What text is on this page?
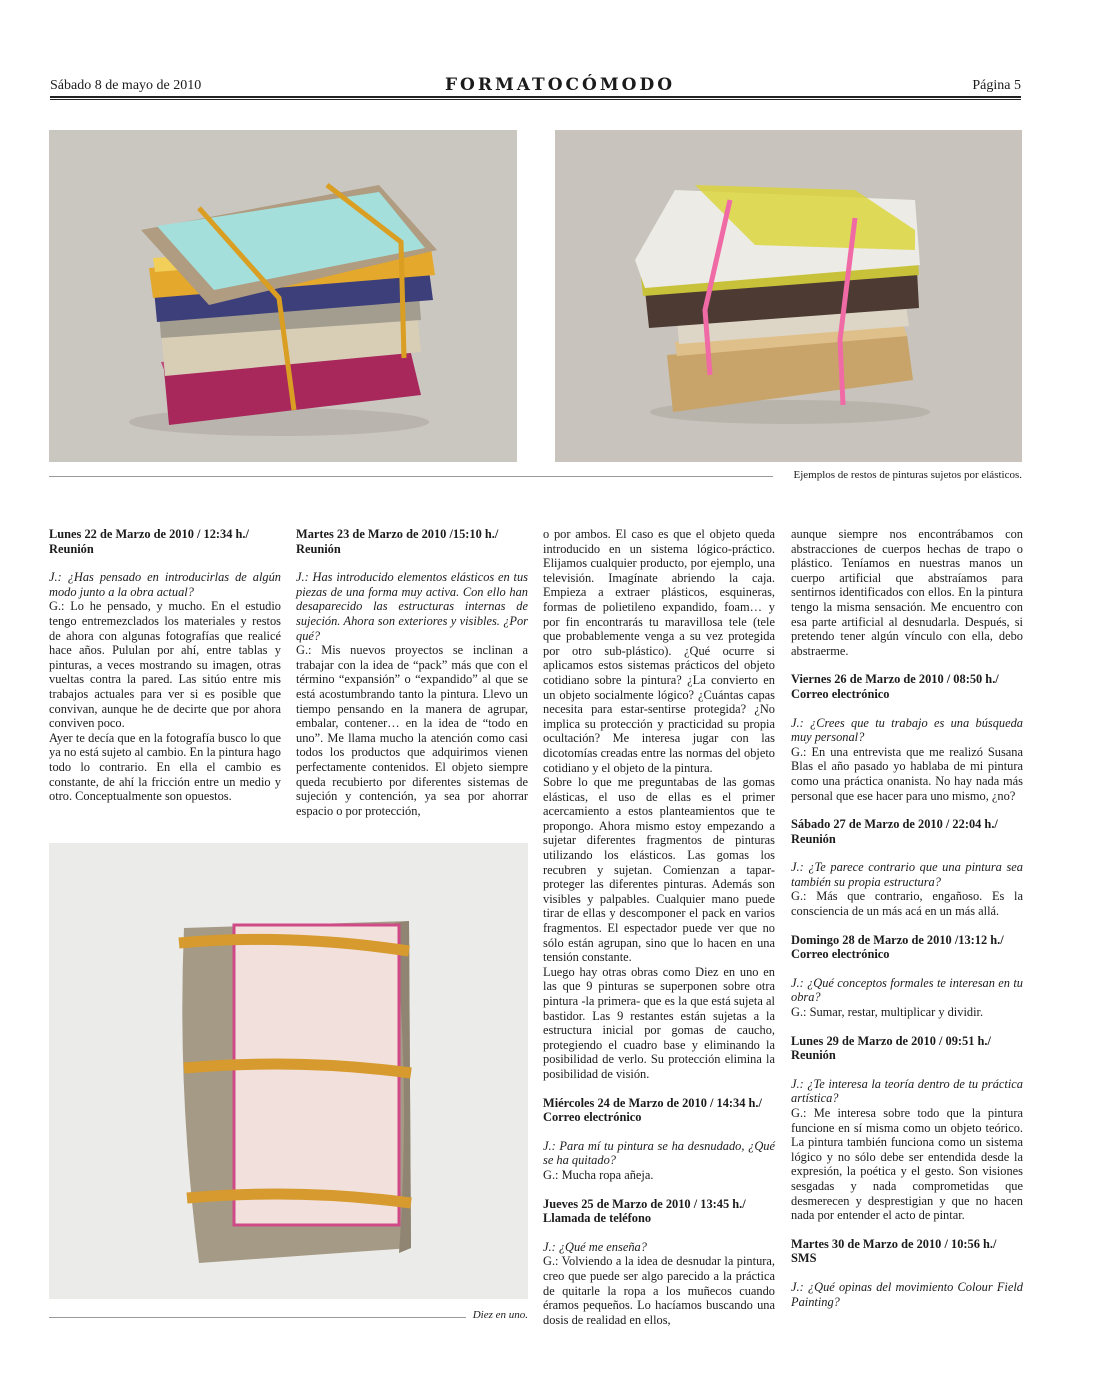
Sábado 8 de mayo de 2010	FORMATOCÓMODO	Página 5
Ejemplos de restos de pinturas sujetos por elásticos.
Diez en uno.

Lunes 22 de Marzo de 2010 / 12:34 h./

Reunión

J.: ¿Has pensado en introducirlas de algún modo junto a la obra actual?

G.: Lo he pensado, y mucho. En el estudio tengo entremezclados los materiales y restos de ahora con algunas fotografías que realicé hace años. Pululan por ahí, entre tablas y pinturas, a veces mostrando su imagen, otras vueltas contra la pared. Las sitúo entre mis trabajos actuales para ver si es posible que convivan, aunque he de decirte que por ahora conviven poco.

Ayer te decía que en la fotografía busco lo que ya no está sujeto al cambio. En la pintura hago todo lo contrario. En ella el cambio es constante, de ahí la fricción entre un medio y otro. Conceptualmente son opuestos.

Martes 23 de Marzo de 2010 /15:10 h./

Reunión

J.: Has introducido elementos elásticos en tus piezas de una forma muy activa. Con ello han desaparecido las estructuras internas de sujeción. Ahora son exteriores y visibles. ¿Por qué?

G.: Mis nuevos proyectos se inclinan a trabajar con la idea de “pack” más que con el término “expansión” o “expandido” al que se está acostumbrando tanto la pintura. Llevo un tiempo pensando en la manera de agrupar, embalar, contener… en la idea de “todo en uno”. Me llama mucho la atención como casi todos los productos que adquirimos vienen perfectamente contenidos. El objeto siempre queda recubierto por diferentes sistemas de sujeción y contención, ya sea por ahorrar espacio o por protección,

o por ambos. El caso es que el objeto queda introducido en un sistema lógico-práctico. Elijamos cualquier producto, por ejemplo, una televisión. Imagínate abriendo la caja. Empieza a extraer plásticos, esquineras, formas de polietileno expandido, foam… y por fin encontrarás tu maravillosa tele (tele que probablemente venga a su vez protegida por otro sub-plástico). ¿Qué ocurre si aplicamos estos sistemas prácticos del objeto cotidiano sobre la pintura? ¿La convierto en un objeto socialmente lógico? ¿Cuántas capas necesita para estar-sentirse protegida? ¿No implica su protección y practicidad su propia ocultación? Me interesa jugar con las dicotomías creadas entre las normas del objeto cotidiano y el objeto de la pintura.

Sobre lo que me preguntabas de las gomas elásticas, el uso de ellas es el primer acercamiento a estos planteamientos que te propongo. Ahora mismo estoy empezando a sujetar diferentes fragmentos de pinturas utilizando los elásticos. Las gomas los recubren y sujetan. Comienzan a tapar-proteger las diferentes pinturas. Además son visibles y palpables. Cualquier mano puede tirar de ellas y descomponer el pack en varios fragmentos. El espectador puede ver que no sólo están agrupan, sino que lo hacen en una tensión constante.

Luego hay otras obras como Diez en uno en las que 9 pinturas se superponen sobre otra pintura -la primera- que es la que está sujeta al bastidor. Las 9 restantes están sujetas a la estructura inicial por gomas de caucho, protegiendo el cuadro base y eliminando la posibilidad de verlo. Su protección elimina la posibilidad de visión.

Miércoles 24 de Marzo de 2010 / 14:34 h./

Correo electrónico

J.: Para mí tu pintura se ha desnudado, ¿Qué se ha quitado?

G.: Mucha ropa añeja.

Jueves 25 de Marzo de 2010 / 13:45 h./

Llamada de teléfono

J.: ¿Qué me enseña?

G.: Volviendo a la idea de desnudar la pintura, creo que puede ser algo parecido a la práctica de quitarle la ropa a los muñecos cuando éramos pequeños. Lo hacíamos buscando una dosis de realidad en ellos,

aunque siempre nos encontrábamos con abstracciones de cuerpos hechas de trapo o plástico. Teníamos en nuestras manos un cuerpo artificial que abstraíamos para sentirnos identificados con ellos. En la pintura tengo la misma sensación. Me encuentro con esa parte artificial al desnudarla. Después, si pretendo tener algún vínculo con ella, debo abstraerme.

Viernes 26 de Marzo de 2010 / 08:50 h./

Correo electrónico

J.: ¿Crees que tu trabajo es una búsqueda muy personal?

G.: En una entrevista que me realizó Susana Blas el año pasado yo hablaba de mi pintura como una práctica onanista. No hay nada más personal que ese hacer para uno mismo, ¿no?

Sábado 27 de Marzo de 2010 / 22:04 h./

Reunión

J.: ¿Te parece contrario que una pintura sea también su propia estructura?

G.: Más que contrario, engañoso. Es la consciencia de un más acá en un más allá.

Domingo 28 de Marzo de 2010 /13:12 h./

Correo electrónico

J.: ¿Qué conceptos formales te interesan en tu obra?

G.: Sumar, restar, multiplicar y dividir.

Lunes 29 de Marzo de 2010 / 09:51 h./

Reunión

J.: ¿Te interesa la teoría dentro de tu práctica artística?

G.: Me interesa sobre todo que la pintura funcione en sí misma como un objeto teórico. La pintura también funciona como un sistema lógico y no sólo debe ser entendida desde la expresión, la poética y el gesto. Son visiones sesgadas y nada comprometidas que desmerecen y desprestigian y que no hacen nada por entender el acto de pintar.

Martes 30 de Marzo de 2010 / 10:56 h./

SMS

J.: ¿Qué opinas del movimiento Colour Field Painting?
